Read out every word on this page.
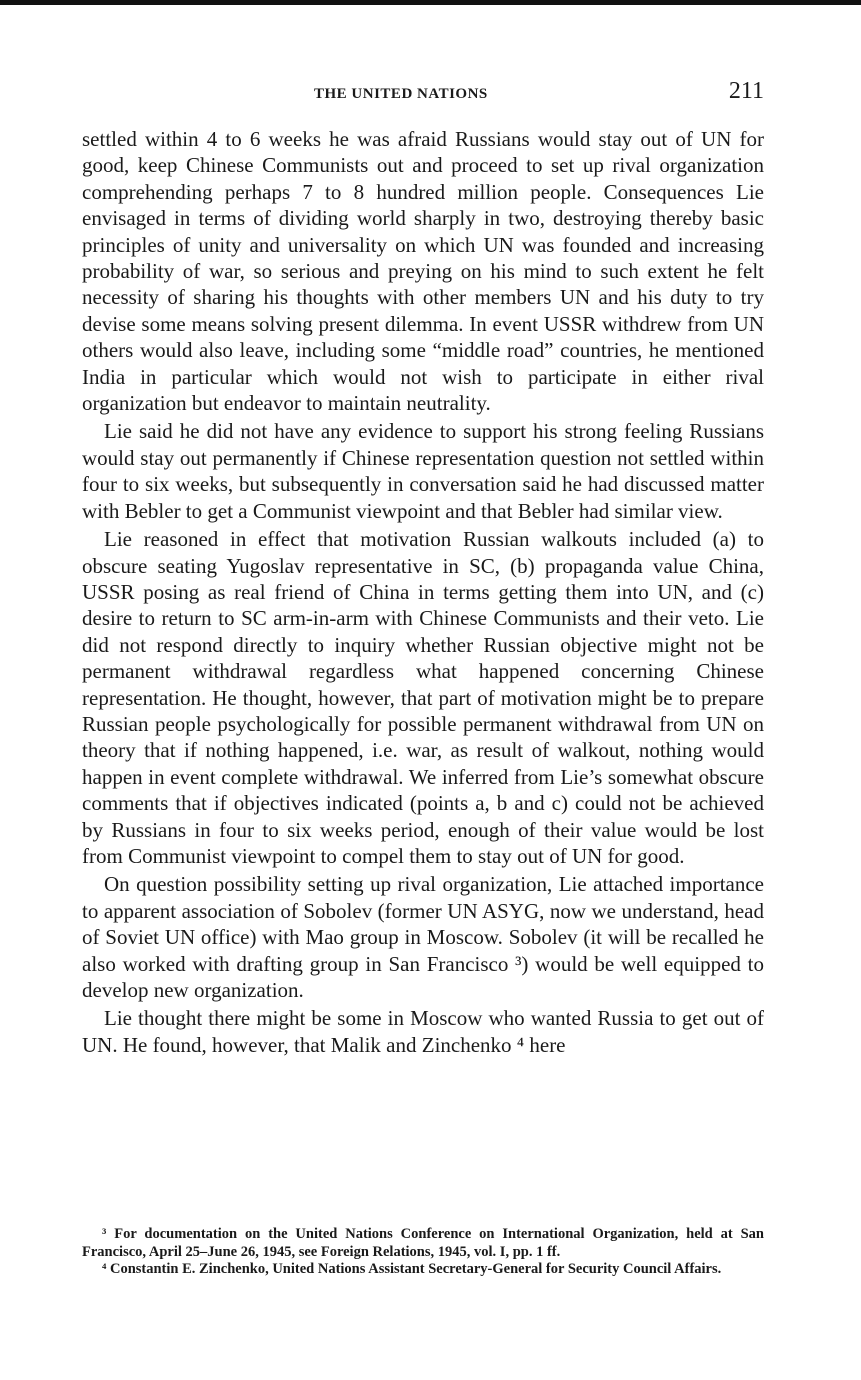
THE UNITED NATIONS	211

settled within 4 to 6 weeks he was afraid Russians would stay out of UN for good, keep Chinese Communists out and proceed to set up rival organization comprehending perhaps 7 to 8 hundred million people. Consequences Lie envisaged in terms of dividing world sharply in two, destroying thereby basic principles of unity and universality on which UN was founded and increasing probability of war, so serious and preying on his mind to such extent he felt necessity of sharing his thoughts with other members UN and his duty to try devise some means solving present dilemma. In event USSR withdrew from UN others would also leave, including some “middle road” countries, he mentioned India in particular which would not wish to participate in either rival organization but endeavor to maintain neutrality.

Lie said he did not have any evidence to support his strong feeling Russians would stay out permanently if Chinese representation question not settled within four to six weeks, but subsequently in conversation said he had discussed matter with Bebler to get a Communist viewpoint and that Bebler had similar view.

Lie reasoned in effect that motivation Russian walkouts included (a) to obscure seating Yugoslav representative in SC, (b) propaganda value China, USSR posing as real friend of China in terms getting them into UN, and (c) desire to return to SC arm-in-arm with Chinese Communists and their veto. Lie did not respond directly to inquiry whether Russian objective might not be permanent withdrawal regardless what happened concerning Chinese representation. He thought, however, that part of motivation might be to prepare Russian people psychologically for possible permanent withdrawal from UN on theory that if nothing happened, i.e. war, as result of walkout, nothing would happen in event complete withdrawal. We inferred from Lie’s somewhat obscure comments that if objectives indicated (points a, b and c) could not be achieved by Russians in four to six weeks period, enough of their value would be lost from Communist viewpoint to compel them to stay out of UN for good.

On question possibility setting up rival organization, Lie attached importance to apparent association of Sobolev (former UN ASYG, now we understand, head of Soviet UN office) with Mao group in Moscow. Sobolev (it will be recalled he also worked with drafting group in San Francisco ³) would be well equipped to develop new organization.

Lie thought there might be some in Moscow who wanted Russia to get out of UN. He found, however, that Malik and Zinchenko ⁴ here

³ For documentation on the United Nations Conference on International Organization, held at San Francisco, April 25–June 26, 1945, see Foreign Relations, 1945, vol. I, pp. 1 ff.

⁴ Constantin E. Zinchenko, United Nations Assistant Secretary-General for Security Council Affairs.
